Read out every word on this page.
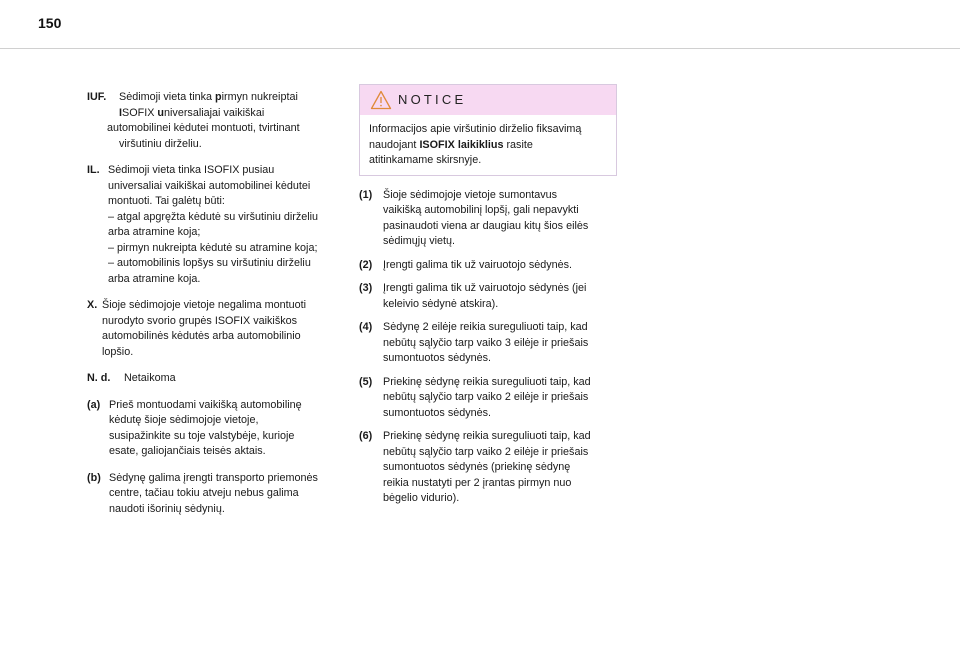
150
IUF.	Sėdimoji vieta tinka pirmyn nukreiptai
ISOFIX universaliajai vaikiškai
automobilinei kėdutei montuoti, tvirtinant
viršutiniu dirželiu.
IL. Sėdimoji vieta tinka ISOFIX pusiau
universaliai vaikiškai automobilinei kėdutei
montuoti. Tai galėtų būti:
– atgal apgręžta kėdutė su viršutiniu dirželiu
arba atramine koja;
– pirmyn nukreipta kėdutė su atramine koja;
– automobilinis lopšys su viršutiniu dirželiu
arba atramine koja.
X. Šioje sėdimojoje vietoje negalima montuoti
nurodyto svorio grupės ISOFIX vaikiškos
automobilinės kėdutės arba automobilinio
lopšio.
N. d.	Netaikoma
(a) Prieš montuodami vaikišką automobilinę
kėdutę šioje sėdimojoje vietoje,
susipažinkite su toje valstybėje, kurioje
esate, galiojančiais teisės aktais.
(b) Sėdynę galima įrengti transporto priemonės
centre, tačiau tokiu atveju nebus galima
naudoti išorinių sėdynių.
NOTICE
Informacijos apie viršutinio dirželio fiksavimą
naudojant ISOFIX laikiklius rasite
atitinkamame skirsnyje.
(1) Šioje sėdimojoje vietoje sumontavus
vaikišką automobilinį lopšį, gali nepavykti
pasinaudoti viena ar daugiau kitų šios eilės
sėdimųjų vietų.
(2) Įrengti galima tik už vairuotojo sėdynės.
(3) Įrengti galima tik už vairuotojo sėdynės (jei
keleivio sėdynė atskira).
(4) Sėdynę 2 eilėje reikia sureguliuoti taip, kad
nebūtų sąlyčio tarp vaiko 3 eilėje ir priešais
sumontuotos sėdynės.
(5) Priekinę sėdynę reikia sureguliuoti taip, kad
nebūtų sąlyčio tarp vaiko 2 eilėje ir priešais
sumontuotos sėdynės.
(6) Priekinę sėdynę reikia sureguliuoti taip, kad
nebūtų sąlyčio tarp vaiko 2 eilėje ir priešais
sumontuotos sėdynės (priekinę sėdynę
reikia nustatyti per 2 įrantas pirmyn nuo
bėgelio vidurio).
